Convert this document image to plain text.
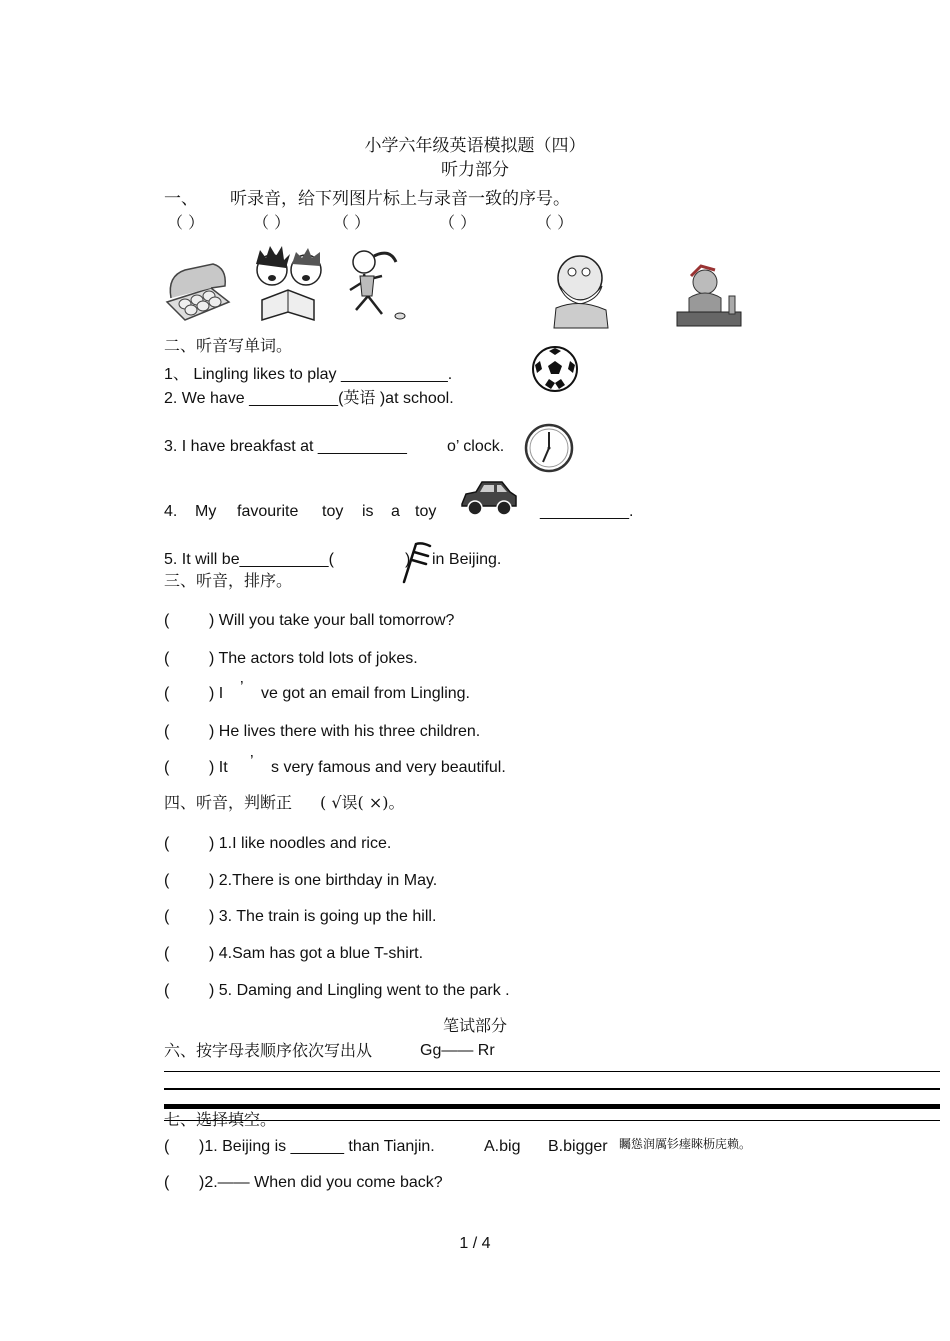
小学六年级英语模拟题（四）
听力部分
一、 听录音，给下列图片标上与录音一致的序号。
（ ）	（ ）	（ ）	（ ）	（ ）
二、听音写单词。
1、 Lingling likes to play ____________.
2. We have __________(英语 )at school.
3. I have breakfast at __________	o’ clock.
4. My favourite toy is a toy	__________.
5. It will be__________(	) in Beijing.
三、听音，排序。
( ) Will you take your ball tomorrow?
( ) The actors told lots of jokes.
( ) I ’ ve got an email from Lingling.
( ) He lives there with his three children.
( ) It ’ s very famous and very beautiful.
四、听音，判断正 ( √误( ×)。
( ) 1.I like noodles and rice.
( ) 2.There is one birthday in May.
( ) 3. The train is going up the hill.
( ) 4.Sam has got a blue T-shirt.
( ) 5. Daming and Lingling went to the park .
笔试部分
六、按字母表顺序依次写出从	Gg—— Rr
七、选择填空。
( )1. Beijing is ______ than Tianjin.	A.big B.bigger 矚慫润厲钐瘗睞枥庑赖。
( )2.—— When did you come back?
1 / 4
